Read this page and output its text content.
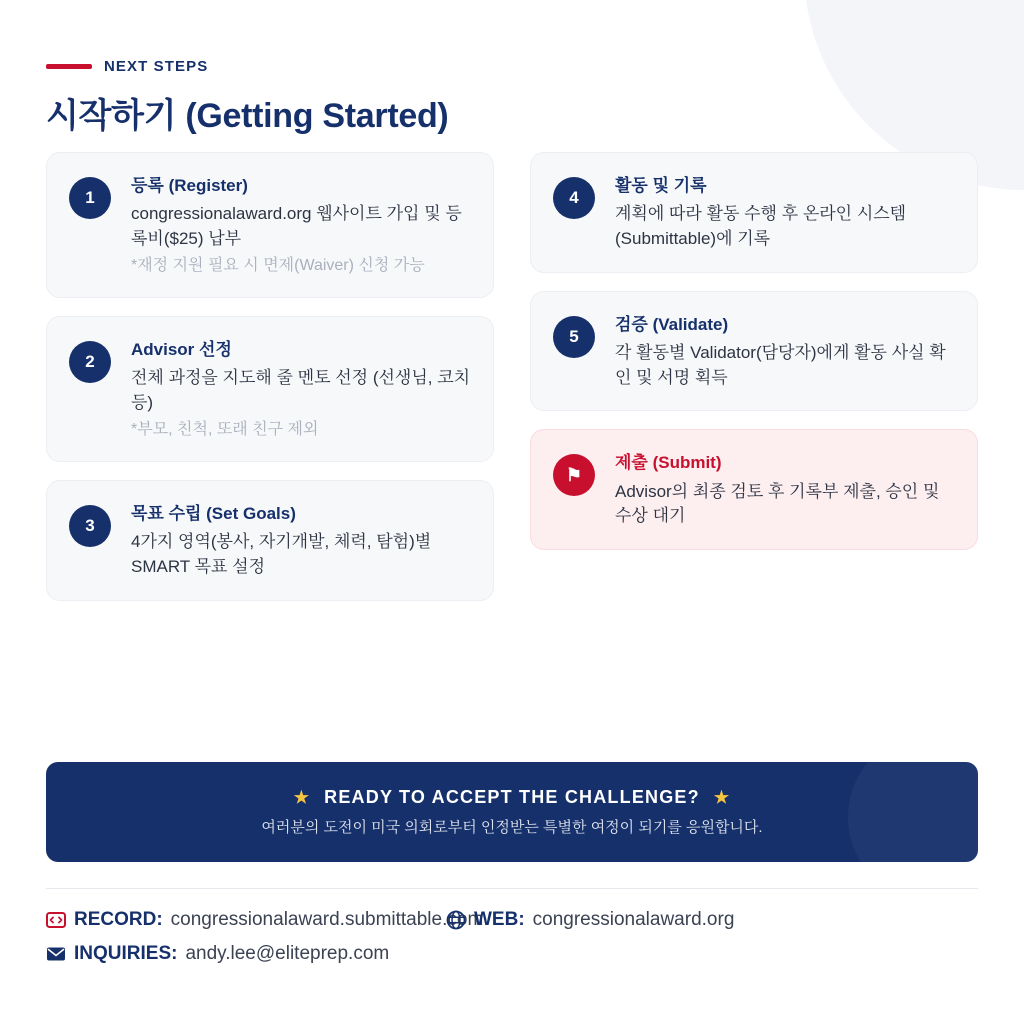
NEXT STEPS
시작하기 (Getting Started)
1
등록 (Register)
congressionalaward.org 웹사이트 가입 및 등록비($25) 납부
*재정 지원 필요 시 면제(Waiver) 신청 가능
2
Advisor 선정
전체 과정을 지도해 줄 멘토 선정 (선생님, 코치 등)
*부모, 친척, 또래 친구 제외
3
목표 수립 (Set Goals)
4가지 영역(봉사, 자기개발, 체력, 탐험)별 SMART 목표 설정
4
활동 및 기록
계획에 따라 활동 수행 후 온라인 시스템(Submittable)에 기록
5
검증 (Validate)
각 활동별 Validator(담당자)에게 활동 사실 확인 및 서명 획득
⚑
제출 (Submit)
Advisor의 최종 검토 후 기록부 제출, 승인 및 수상 대기
★ READY TO ACCEPT THE CHALLENGE? ★
여러분의 도전이 미국 의회로부터 인정받는 특별한 여정이 되기를 응원합니다.
RECORD: congressionalaward.submittable.com
WEB: congressionalaward.org
INQUIRIES: andy.lee@eliteprep.com
